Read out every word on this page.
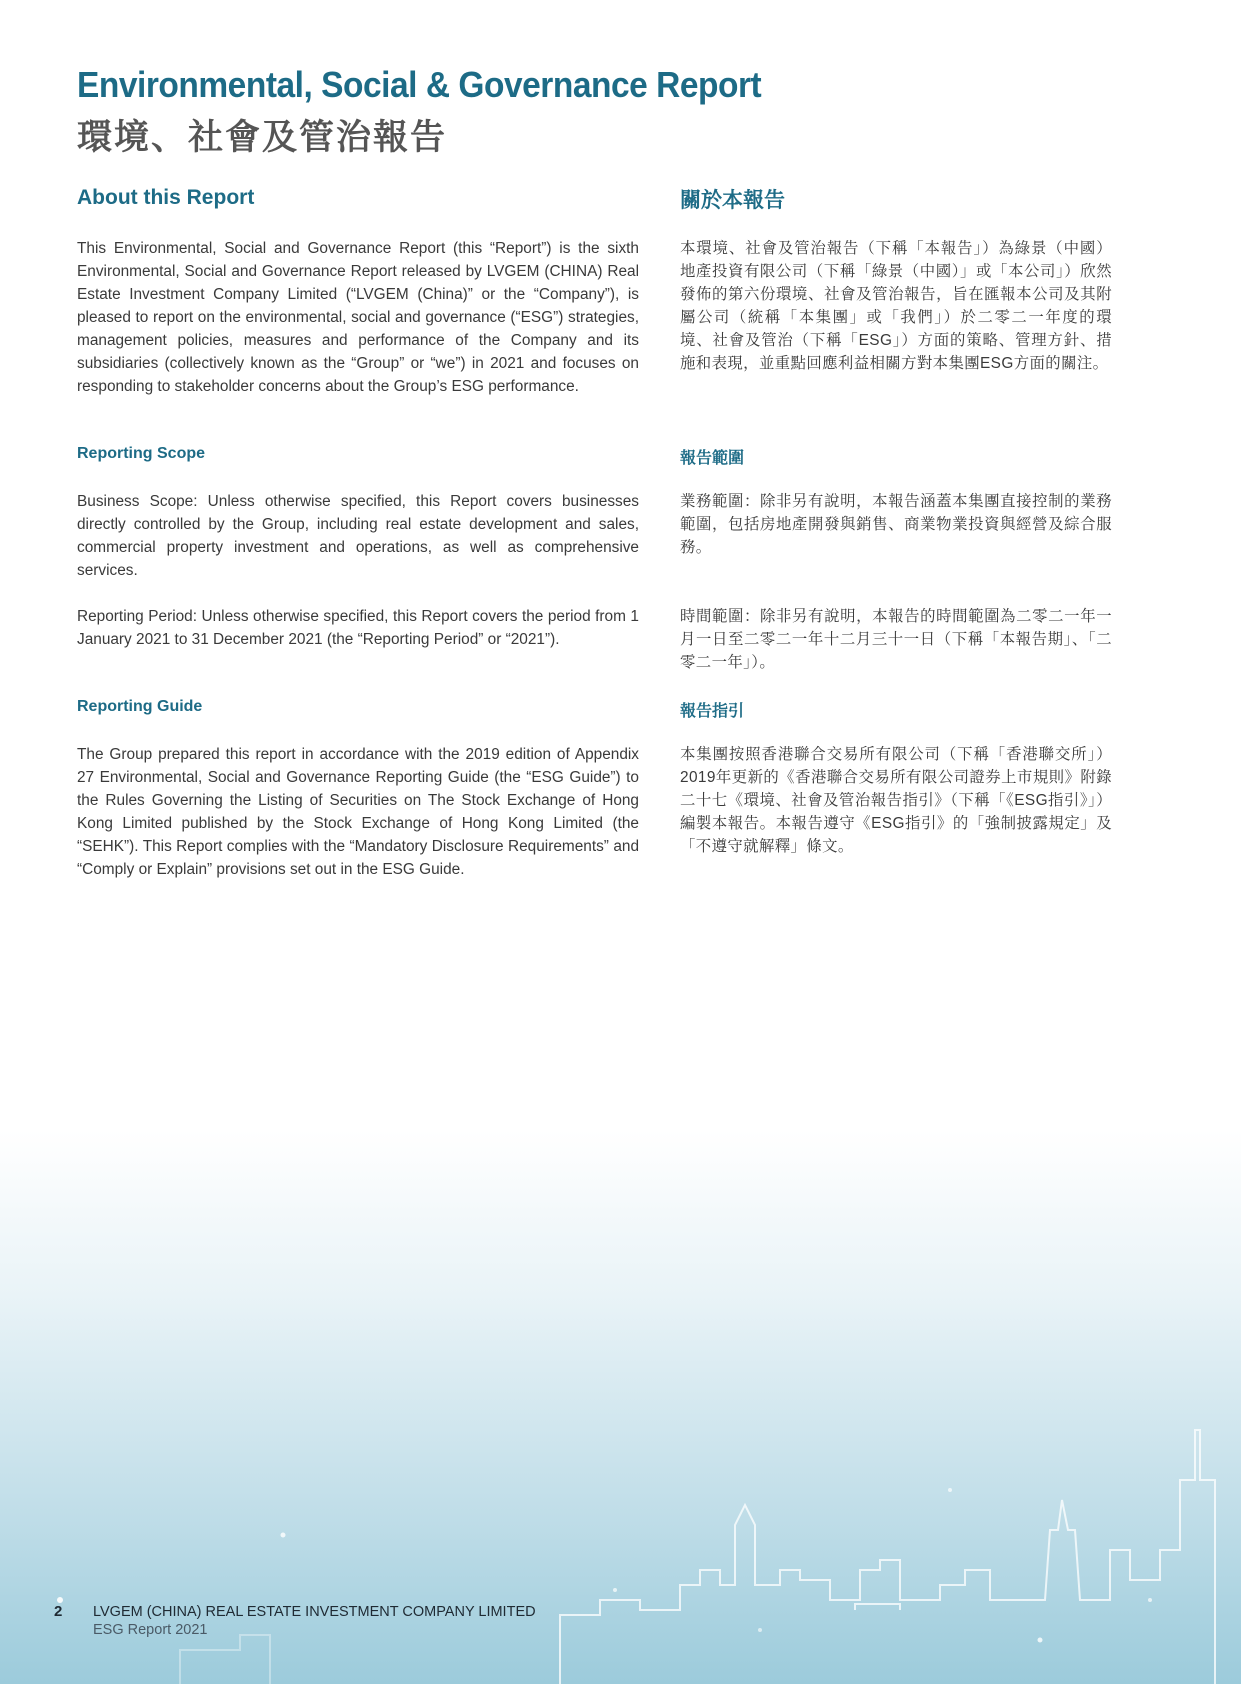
Environmental, Social & Governance Report
環境、社會及管治報告
About this Report	關於本報告

This Environmental, Social and Governance Report (this “Report”) is the sixth Environmental, Social and Governance Report released by LVGEM (CHINA) Real Estate Investment Company Limited (“LVGEM (China)” or the “Company”), is pleased to report on the environmental, social and governance (“ESG”) strategies, management policies, measures and performance of the Company and its subsidiaries (collectively known as the “Group” or “we”) in 2021 and focuses on responding to stakeholder concerns about the Group’s ESG performance.

本環境、社會及管治報告（下稱「本報告」）為綠景（中國）地產投資有限公司（下稱「綠景（中國）」或「本公司」）欣然發佈的第六份環境、社會及管治報告，旨在匯報本公司及其附屬公司（統稱「本集團」或「我們」）於二零二一年度的環境、社會及管治（下稱「ESG」）方面的策略、管理方針、措施和表現，並重點回應利益相關方對本集團ESG方面的關注。

Reporting Scope	報告範圍

Business Scope: Unless otherwise specified, this Report covers businesses directly controlled by the Group, including real estate development and sales, commercial property investment and operations, as well as comprehensive services.

業務範圍：除非另有說明，本報告涵蓋本集團直接控制的業務範圍，包括房地產開發與銷售、商業物業投資與經營及綜合服務。

Reporting Period: Unless otherwise specified, this Report covers the period from 1 January 2021 to 31 December 2021 (the “Reporting Period” or “2021”).

時間範圍：除非另有說明，本報告的時間範圍為二零二一年一月一日至二零二一年十二月三十一日（下稱「本報告期」、「二零二一年」）。

Reporting Guide	報告指引

The Group prepared this report in accordance with the 2019 edition of Appendix 27 Environmental, Social and Governance Reporting Guide (the “ESG Guide”) to the Rules Governing the Listing of Securities on The Stock Exchange of Hong Kong Limited published by the Stock Exchange of Hong Kong Limited (the “SEHK”). This Report complies with the “Mandatory Disclosure Requirements” and “Comply or Explain” provisions set out in the ESG Guide.

本集團按照香港聯合交易所有限公司（下稱「香港聯交所」）2019年更新的《香港聯合交易所有限公司證券上市規則》附錄二十七《環境、社會及管治報告指引》（下稱「《ESG指引》」）編製本報告。本報告遵守《ESG指引》的「強制披露規定」及「不遵守就解釋」條文。

2 LVGEM (CHINA) REAL ESTATE INVESTMENT COMPANY LIMITED
ESG Report 2021
